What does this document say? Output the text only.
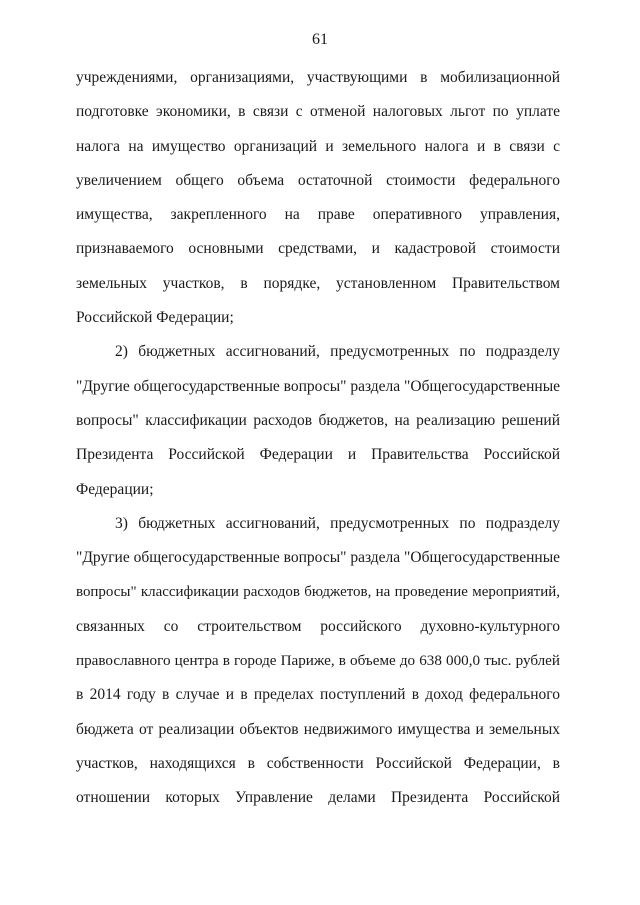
61
учреждениями, организациями, участвующими в мобилизационной
подготовке экономики, в связи с отменой налоговых льгот по уплате
налога на имущество организаций и земельного налога и в связи с
увеличением общего объема остаточной стоимости федерального
имущества, закрепленного на праве оперативного управления,
признаваемого основными средствами, и кадастровой стоимости
земельных участков, в порядке, установленном Правительством
Российской Федерации;
2) бюджетных ассигнований, предусмотренных по подразделу
"Другие общегосударственные вопросы" раздела "Общегосударственные
вопросы" классификации расходов бюджетов, на реализацию решений
Президента Российской Федерации и Правительства Российской
Федерации;
3) бюджетных ассигнований, предусмотренных по подразделу
"Другие общегосударственные вопросы" раздела "Общегосударственные
вопросы" классификации расходов бюджетов, на проведение мероприятий,
связанных со строительством российского духовно-культурного
православного центра в городе Париже, в объеме до 638 000,0 тыс. рублей
в 2014 году в случае и в пределах поступлений в доход федерального
бюджета от реализации объектов недвижимого имущества и земельных
участков, находящихся в собственности Российской Федерации, в
отношении которых Управление делами Президента Российской
